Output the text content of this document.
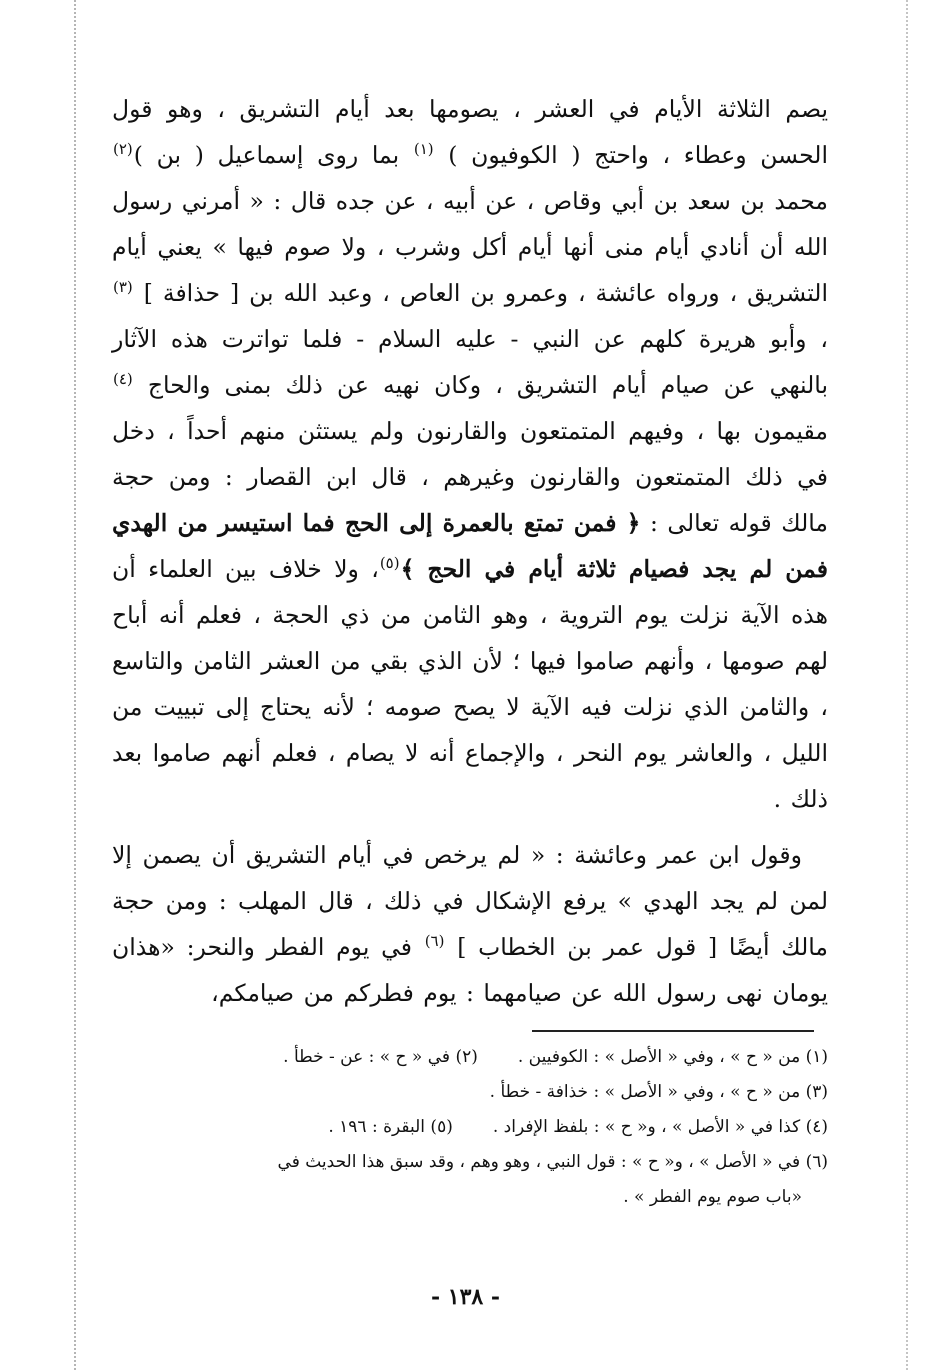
يصم الثلاثة الأيام في العشر ، يصومها بعد أيام التشريق ، وهو قول الحسن وعطاء ، واحتج ( الكوفيون ) $^{(١)}$ بما روى إسماعيل ( بن )$^{(٢)}$ محمد بن سعد بن أبي وقاص ، عن أبيه ، عن جده قال : « أمرني رسول الله أن أنادي أيام منى أنها أيام أكل وشرب ، ولا صوم فيها » يعني أيام التشريق ، ورواه عائشة ، وعمرو بن العاص ، وعبد الله بن [ حذافة ] $^{(٣)}$ ، وأبو هريرة كلهم عن النبي - عليه السلام - فلما تواترت هذه الآثار بالنهي عن صيام أيام التشريق ، وكان نهيه عن ذلك بمنى والحاج $^{(٤)}$ مقيمون بها ، وفيهم المتمتعون والقارنون ولم يستثن منهم أحداً ، دخل في ذلك المتمتعون والقارنون وغيرهم ، قال ابن القصار : ومن حجة مالك قوله تعالى : ﴿ فمن تمتع بالعمرة إلى الحج فما استيسر من الهدي فمن لم يجد فصيام ثلاثة أيام في الحج ﴾$^{(٥)}$، ولا خلاف بين العلماء أن هذه الآية نزلت يوم التروية ، وهو الثامن من ذي الحجة ، فعلم أنه أباح لهم صومها ، وأنهم صاموا فيها ؛ لأن الذي بقي من العشر الثامن والتاسع ، والثامن الذي نزلت فيه الآية لا يصح صومه ؛ لأنه يحتاج إلى تبييت من الليل ، والعاشر يوم النحر ، والإجماع أنه لا يصام ، فعلم أنهم صاموا بعد ذلك .

وقول ابن عمر وعائشة : « لم يرخص في أيام التشريق أن يصمن إلا لمن لم يجد الهدي » يرفع الإشكال في ذلك ، قال المهلب : ومن حجة مالك أيضًا [ قول عمر بن الخطاب ] $^{(٦)}$ في يوم الفطر والنحر: «هذان يومان نهى رسول الله عن صيامهما : يوم فطركم من صيامكم،

(١) من « ح » ، وفي « الأصل » : الكوفيين .(٢) في « ح » : عن - خطأ .
(٣) من « ح » ، وفي « الأصل » : خذافة - خطأ .
(٤) كذا في « الأصل » ، و« ح » : بلفظ الإفراد .(٥) البقرة : ١٩٦ .
(٦) في « الأصل » ، و« ح » : قول النبي ، وهو وهم ، وقد سبق هذا الحديث في
«باب صوم يوم الفطر » .
- ١٣٨ -
